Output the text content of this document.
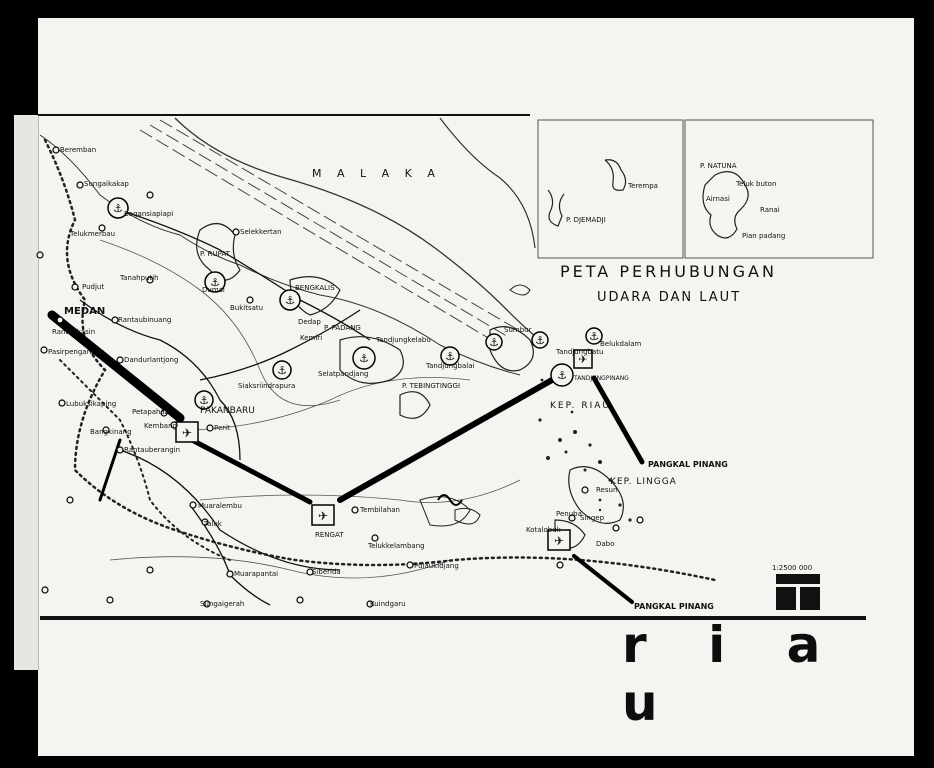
✈
✈
✈
✈
⚓
⚓
⚓
⚓
⚓	⚓
⚓	⚓	⚓
⚓
⚓
PETA PERHUBUNGAN
UDARA DAN LAUT
r i a u
1:2500 000
M A L A K A
P. DJEMADJI
Terempa
P. NATUNA
Teluk buton
Airnasi
Ranai
Pian padang
MEDAN
PAKANBARU
PANGKAL PINANG
PANGKAL PINANG
KEP. RIAU
KEP. LINGGA
RENGAT
BENGKALIS
P. RUPAT
P. PADANG
P. TEBINGTINGGI
TANDJUNGPINANG
Beremban
Sungaikakap
Bagansiapiapi
Telukmerbau	Selekkertan
Tanahputih
Dumai
Pudjut
Rantaukasin
Rantaubinuang
Pasirpengaraian
Dandurlantjong
Bukitsatu
Siaksriindrapura
Tandjungkelabu
Selatpandjang
Dedap
Kemiri
Sumbur
Tandjungbatu
Belukdalam
Tandjungbalai
Lubuksikaping
Petapahan
Kembang	Perit
Bangkinang
Rantauberangin
Muaralembu
Taluk
Tembilahan
Telukkelambang
Muarapantai	Siberida
Pulaukidjang
Sungaigerah	Kuindgaru
Resun
Penuba
Singep
Kotalobuk
Dabo
